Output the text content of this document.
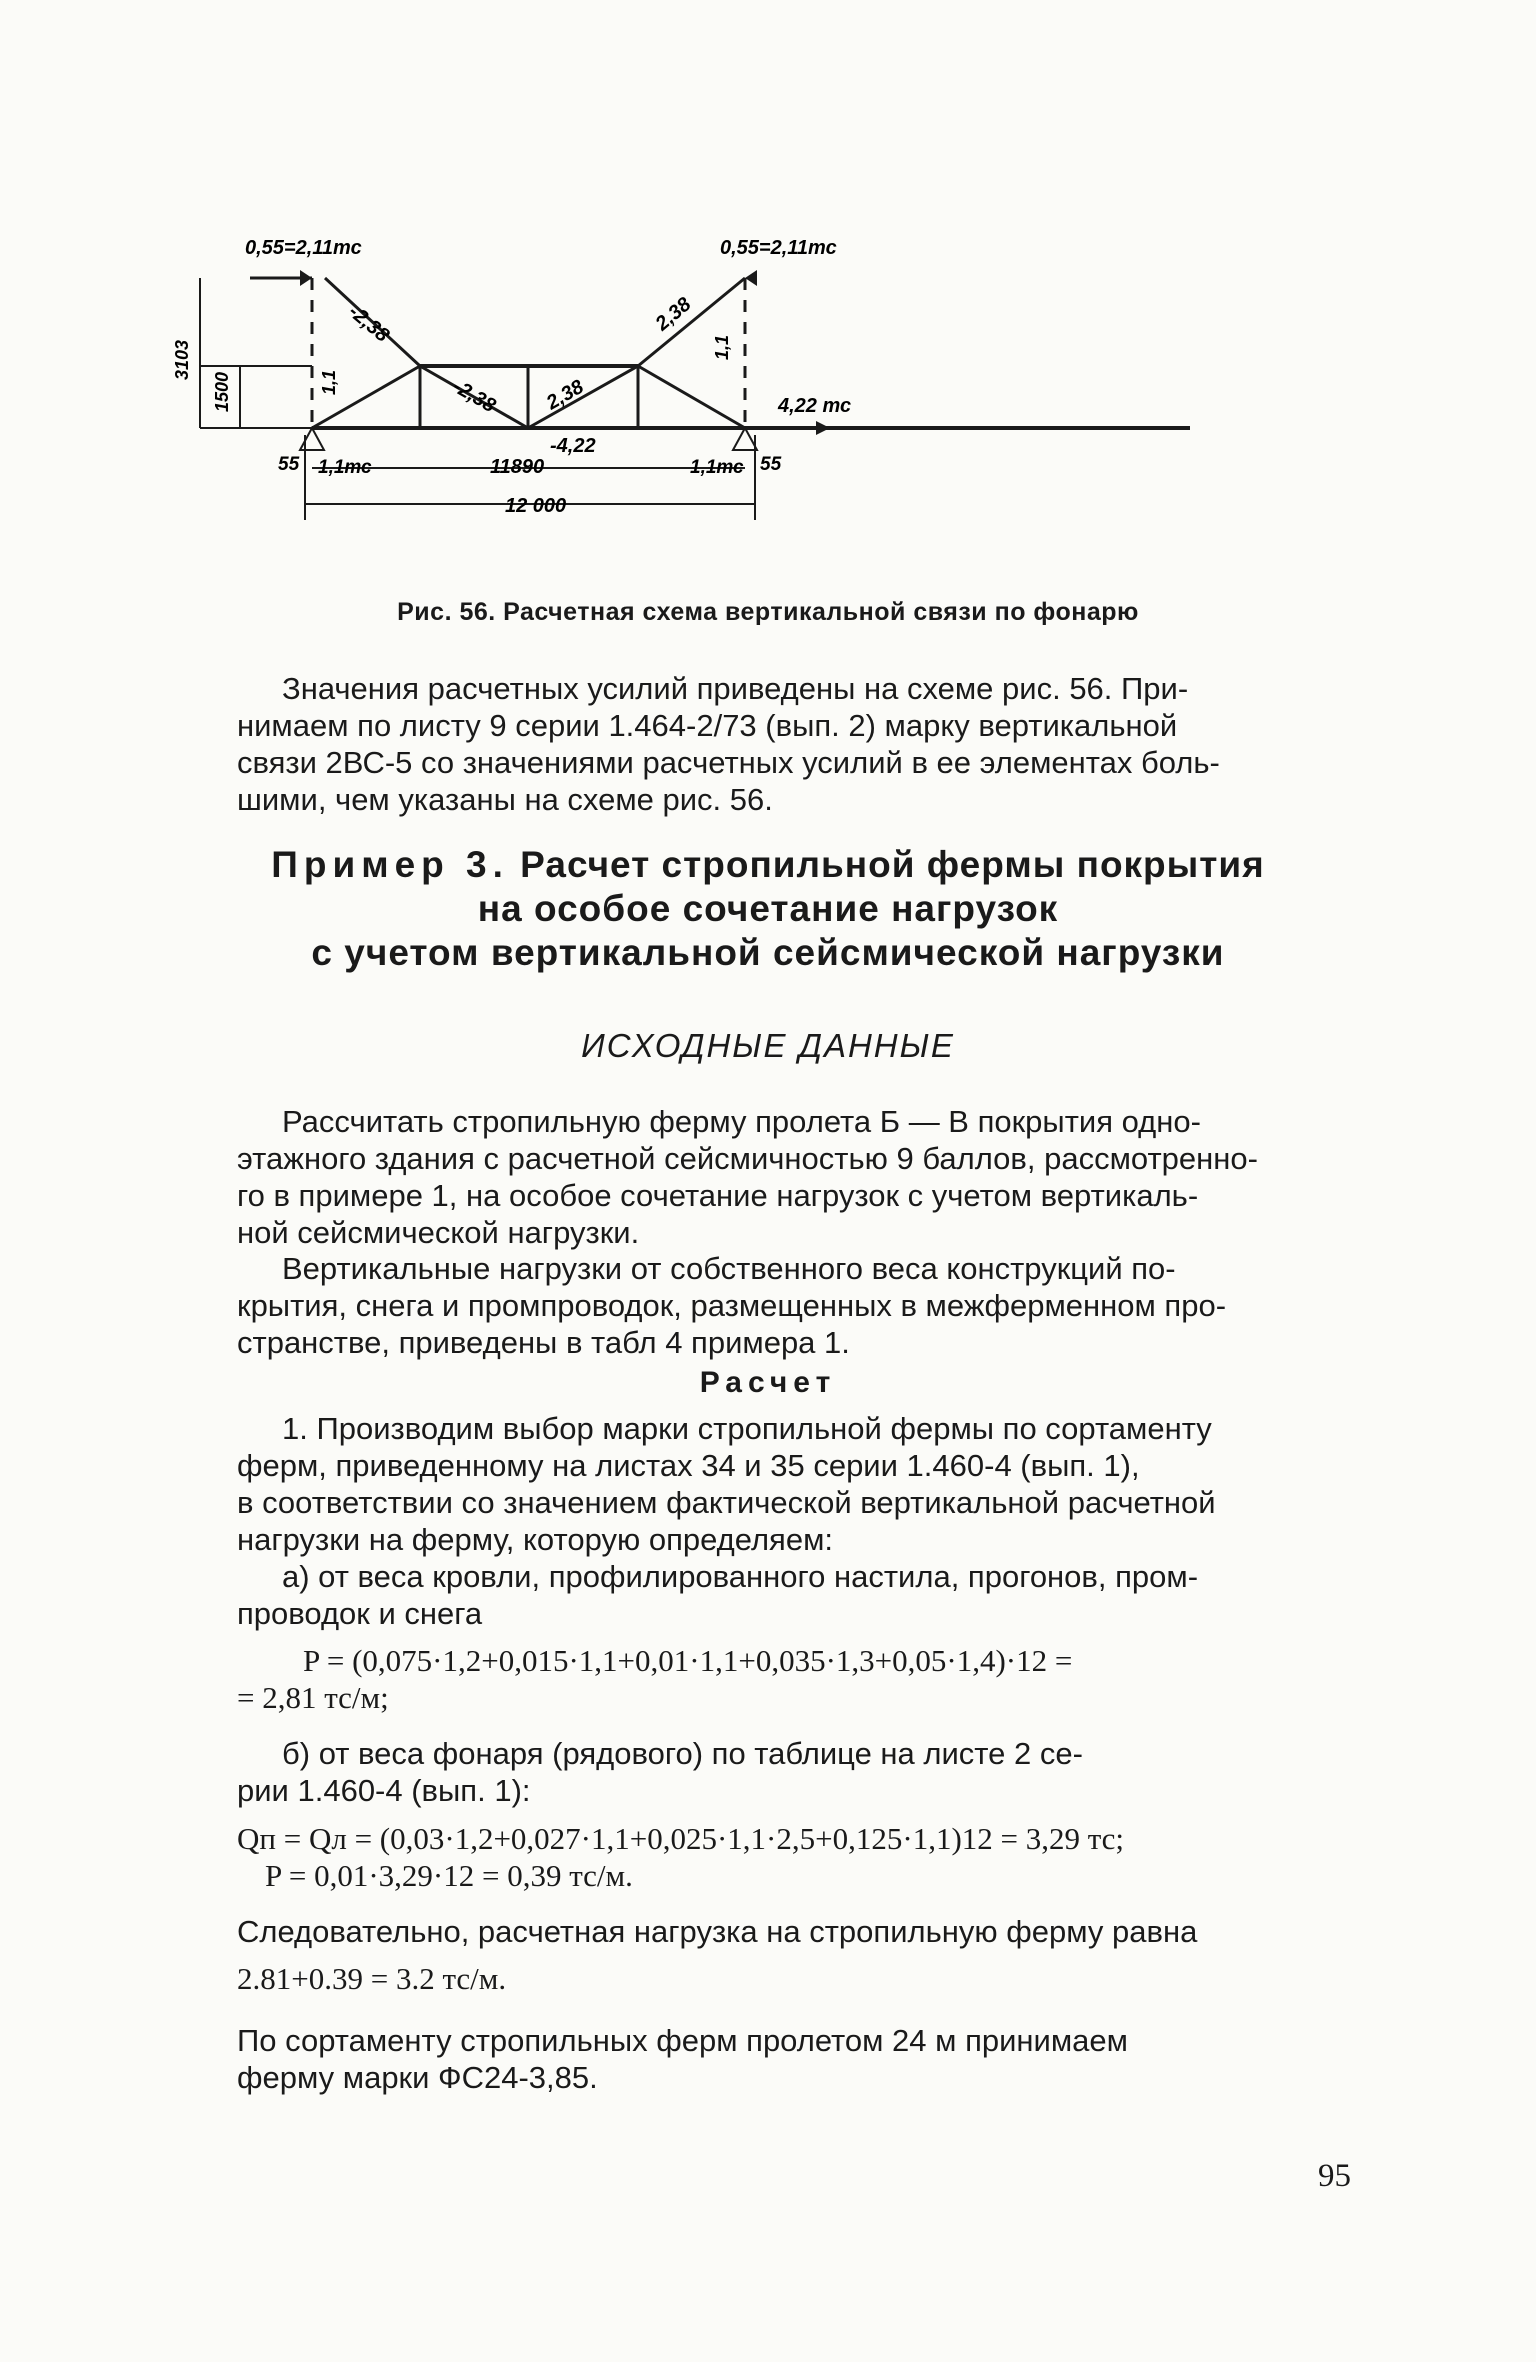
0,55=2,11тс	0,55=2,11тс
-2,38	2,38
-2,38 2,38
1,1
1,1
-4,22
4,22 тс
3103
1500
55	55
1,1тс	1,1тс
11890
12 000
Рис. 56. Расчетная схема вертикальной связи по фонарю
Значения расчетных усилий приведены на схеме рис. 56. При-
нимаем по листу 9 серии 1.464-2/73 (вып. 2) марку вертикальной
связи 2ВС-5 со значениями расчетных усилий в ее элементах боль-
шими, чем указаны на схеме рис. 56.
Пример 3. Расчет стропильной фермы покрытия
на особое сочетание нагрузок
с учетом вертикальной сейсмической нагрузки
ИСХОДНЫЕ ДАННЫЕ
Рассчитать стропильную ферму пролета Б — В покрытия одно-
этажного здания с расчетной сейсмичностью 9 баллов, рассмотренно-
го в примере 1, на особое сочетание нагрузок с учетом вертикаль-
ной сейсмической нагрузки.
Вертикальные нагрузки от собственного веса конструкций по-
крытия, снега и промпроводок, размещенных в межферменном про-
странстве, приведены в табл 4 примера 1.
Расчет
1. Производим выбор марки стропильной фермы по сортаменту
ферм, приведенному на листах 34 и 35 серии 1.460-4 (вып. 1),
в соответствии со значением фактической вертикальной расчетной
нагрузки на ферму, которую определяем:
а) от веса кровли, профилированного настила, прогонов, пром-
проводок и снега
P = (0,075·1,2+0,015·1,1+0,01·1,1+0,035·1,3+0,05·1,4)·12 =
= 2,81 тс/м;
б) от веса фонаря (рядового) по таблице на листе 2 се-
рии 1.460-4 (вып. 1):
Qп = Qл = (0,03·1,2+0,027·1,1+0,025·1,1·2,5+0,125·1,1)12 = 3,29 тс;
P = 0,01·3,29·12 = 0,39 тс/м.
Следовательно, расчетная нагрузка на стропильную ферму равна
2.81+0.39 = 3.2 тс/м.
По сортаменту стропильных ферм пролетом 24 м принимаем
ферму марки ФС24-3,85.
95
